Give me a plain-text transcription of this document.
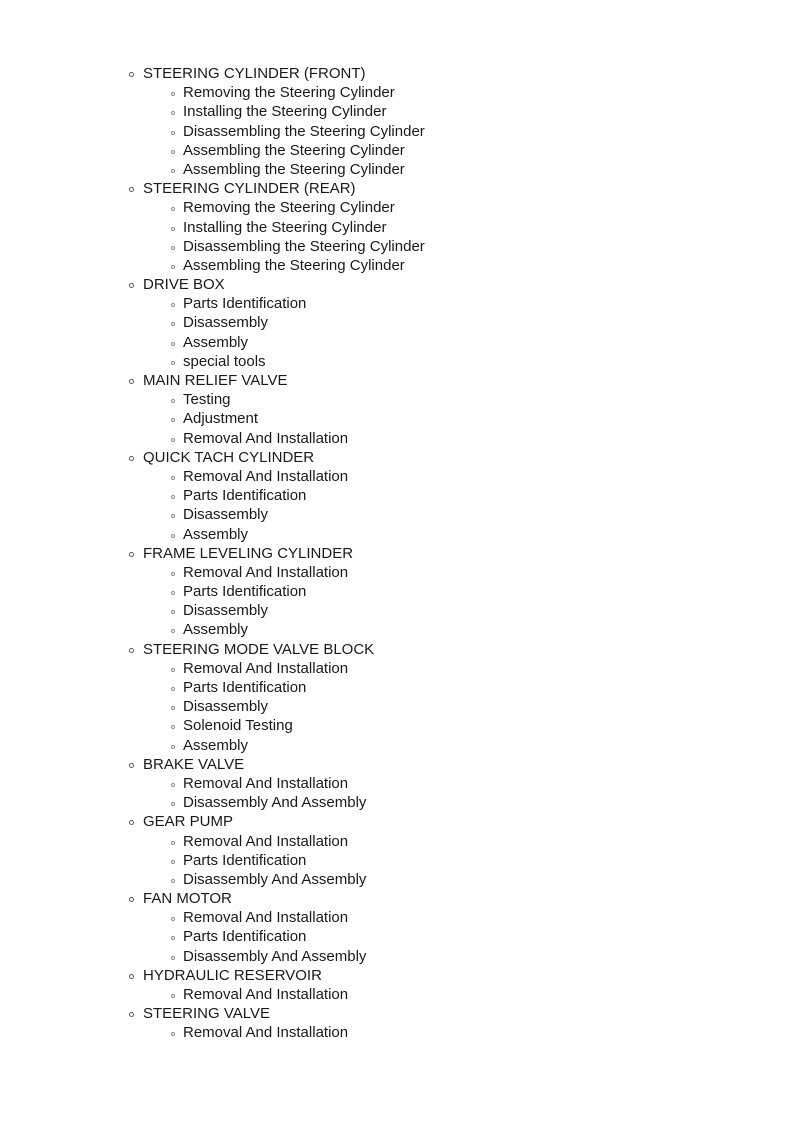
STEERING CYLINDER (FRONT)
Removing the Steering Cylinder
Installing the Steering Cylinder
Disassembling the Steering Cylinder
Assembling the Steering Cylinder
Assembling the Steering Cylinder
STEERING CYLINDER (REAR)
Removing the Steering Cylinder
Installing the Steering Cylinder
Disassembling the Steering Cylinder
Assembling the Steering Cylinder
DRIVE BOX
Parts Identification
Disassembly
Assembly
special tools
MAIN RELIEF VALVE
Testing
Adjustment
Removal And Installation
QUICK TACH CYLINDER
Removal And Installation
Parts Identification
Disassembly
Assembly
FRAME LEVELING CYLINDER
Removal And Installation
Parts Identification
Disassembly
Assembly
STEERING MODE VALVE BLOCK
Removal And Installation
Parts Identification
Disassembly
Solenoid Testing
Assembly
BRAKE VALVE
Removal And Installation
Disassembly And Assembly
GEAR PUMP
Removal And Installation
Parts Identification
Disassembly And Assembly
FAN MOTOR
Removal And Installation
Parts Identification
Disassembly And Assembly
HYDRAULIC RESERVOIR
Removal And Installation
STEERING VALVE
Removal And Installation
